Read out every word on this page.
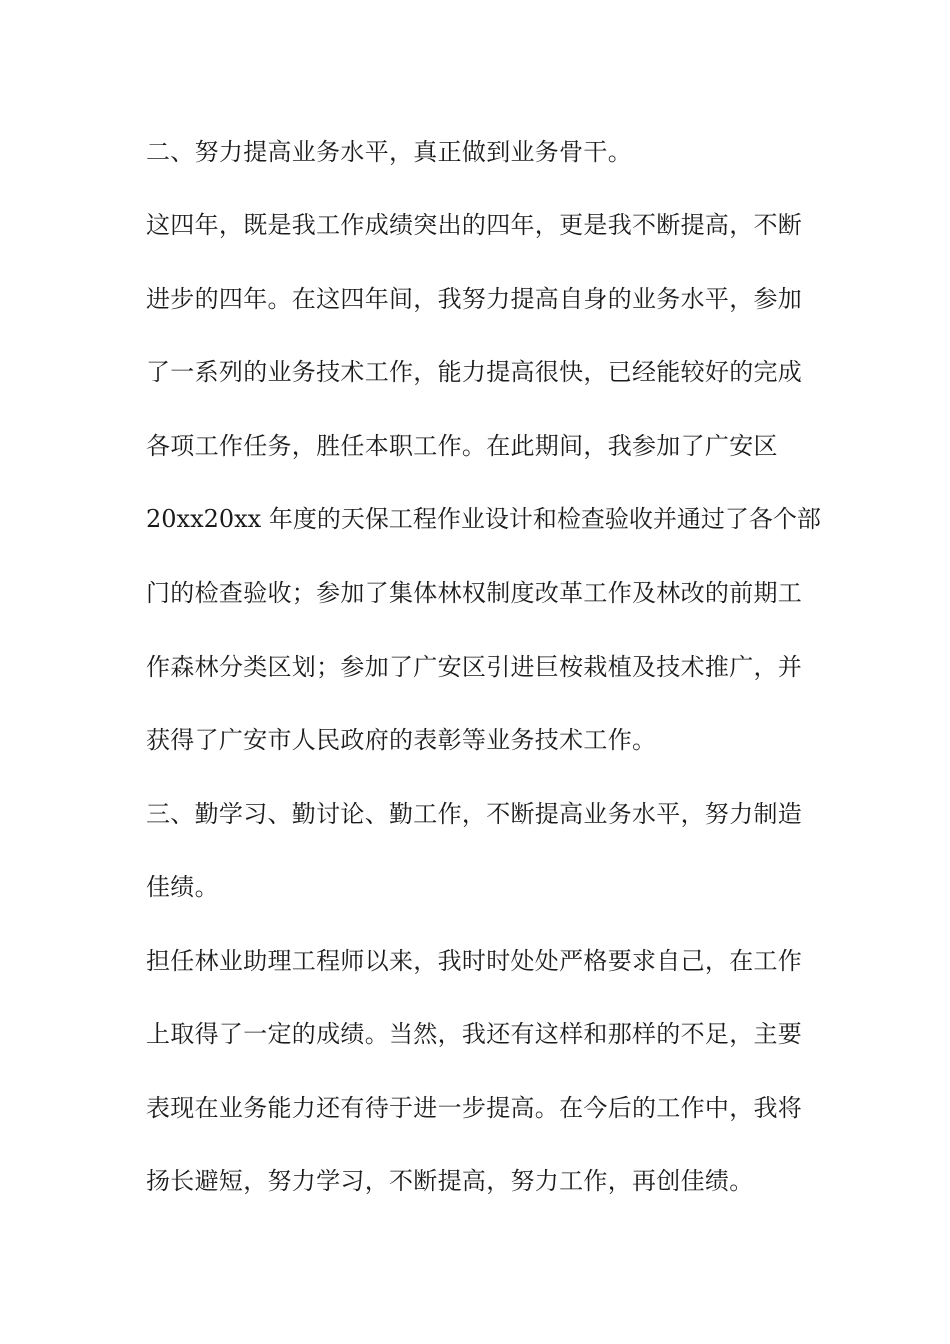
二、努力提高业务水平，真正做到业务骨干。
这四年，既是我工作成绩突出的四年，更是我不断提高，不断
进步的四年。在这四年间，我努力提高自身的业务水平，参加
了一系列的业务技术工作，能力提高很快，已经能较好的完成
各项工作任务，胜任本职工作。在此期间，我参加了广安区
20xx20xx 年度的天保工程作业设计和检查验收并通过了各个部
门的检查验收；参加了集体林权制度改革工作及林改的前期工
作森林分类区划；参加了广安区引进巨桉栽植及技术推广，并
获得了广安市人民政府的表彰等业务技术工作。
三、勤学习、勤讨论、勤工作，不断提高业务水平，努力制造
佳绩。
担任林业助理工程师以来，我时时处处严格要求自己，在工作
上取得了一定的成绩。当然，我还有这样和那样的不足，主要
表现在业务能力还有待于进一步提高。在今后的工作中，我将
扬长避短，努力学习，不断提高，努力工作，再创佳绩。
